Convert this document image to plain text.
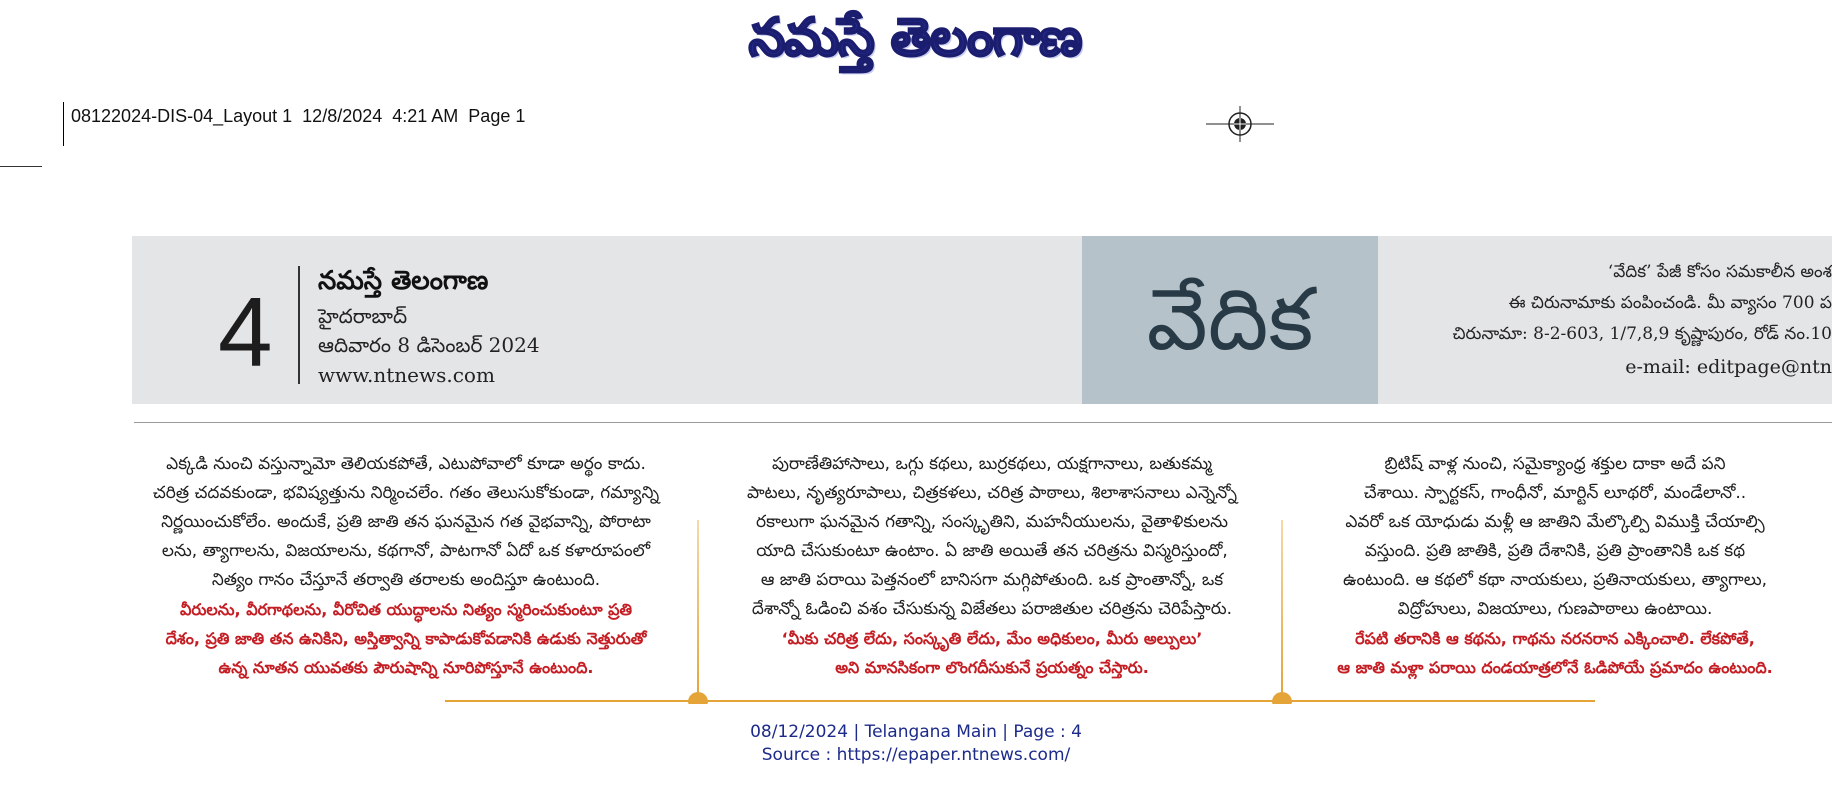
నమస్తే తెలంగాణ
08122024-DIS-04_Layout 1 12/8/2024 4:21 AM Page 1
4 నమస్తే తెలంగాణ
హైదరాబాద్
ఆదివారం 8 డిసెంబర్ 2024
www.ntnews.com
వేదిక	‘వేదిక’ పేజీ కోసం సమకాలీన అంశ
ఈ చిరునామాకు పంపించండి. మీ వ్యాసం 700 ప
చిరునామా: 8-2-603, 1/7,8,9 కృష్ణాపురం, రోడ్ నం.10
e-mail: editpage@ntn
ఎక్కడి నుంచి వస్తున్నామో తెలియకపోతే, ఎటుపోవాలో కూడా అర్థం కాదు.
చరిత్ర చదవకుండా, భవిష్యత్తును నిర్మించలేం. గతం తెలుసుకోకుండా, గమ్యాన్ని
నిర్ణయించుకోలేం. అందుకే, ప్రతి జాతి తన ఘనమైన గత వైభవాన్ని, పోరాటా
లను, త్యాగాలను, విజయాలను, కథగానో, పాటగానో ఏదో ఒక కళారూపంలో
నిత్యం గానం చేస్తూనే తర్వాతి తరాలకు అందిస్తూ ఉంటుంది.
వీరులను, వీరగాథలను, వీరోచిత యుద్ధాలను నిత్యం స్మరించుకుంటూ ప్రతి
దేశం, ప్రతి జాతి తన ఉనికిని, అస్తిత్వాన్ని కాపాడుకోవడానికి ఉడుకు నెత్తురుతో
ఉన్న నూతన యువతకు పౌరుషాన్ని నూరిపోస్తూనే ఉంటుంది.
పురాణేతిహాసాలు, ఒగ్గు కథలు, బుర్రకథలు, యక్షగానాలు, బతుకమ్మ
పాటలు, నృత్యరూపాలు, చిత్రకళలు, చరిత్ర పాఠాలు, శిలాశాసనాలు ఎన్నెన్నో
రకాలుగా ఘనమైన గతాన్ని, సంస్కృతిని, మహనీయులను, వైతాళికులను
యాది చేసుకుంటూ ఉంటాం. ఏ జాతి అయితే తన చరిత్రను విస్మరిస్తుందో,
ఆ జాతి పరాయి పెత్తనంలో బానిసగా మగ్గిపోతుంది. ఒక ప్రాంతాన్నో, ఒక
దేశాన్నో ఓడించి వశం చేసుకున్న విజేతలు పరాజితుల చరిత్రను చెరిపేస్తారు.
‘మీకు చరిత్ర లేదు, సంస్కృతి లేదు, మేం అధికులం, మీరు అల్పులు’
అని మానసికంగా లొంగదీసుకునే ప్రయత్నం చేస్తారు.
బ్రిటిష్ వాళ్ల నుంచి, సమైక్యాంధ్ర శక్తుల దాకా అదే పని
చేశాయి. స్పార్టకస్, గాంధీనో, మార్టిన్ లూథరో, మండేలానో..
ఎవరో ఒక యోధుడు మళ్లీ ఆ జాతిని మేల్కొల్పి విముక్తి చేయాల్సి
వస్తుంది. ప్రతి జాతికి, ప్రతి దేశానికి, ప్రతి ప్రాంతానికి ఒక కథ
ఉంటుంది. ఆ కథలో కథా నాయకులు, ప్రతినాయకులు, త్యాగాలు,
విద్రోహులు, విజయాలు, గుణపాఠాలు ఉంటాయి.
రేపటి తరానికి ఆ కథను, గాథను నరనరాన ఎక్కించాలి. లేకపోతే,
ఆ జాతి మళ్లా పరాయి దండయాత్రలోనే ఓడిపోయే ప్రమాదం ఉంటుంది.
08/12/2024 | Telangana Main | Page : 4
Source : https://epaper.ntnews.com/
